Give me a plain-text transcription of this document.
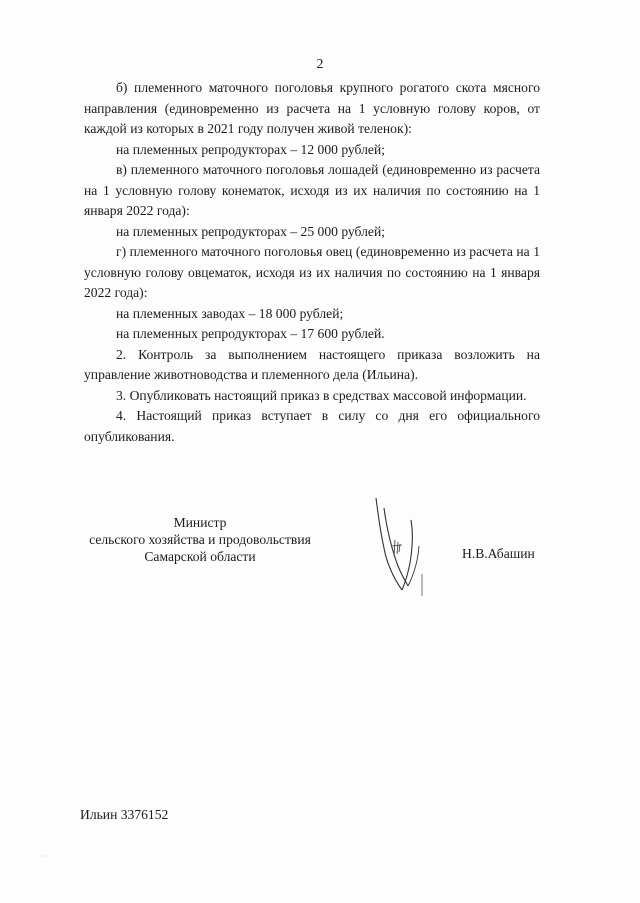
2

б) племенного маточного поголовья крупного рогатого скота мясного направления (единовременно из расчета на 1 условную голову коров, от каждой из которых в 2021 году получен живой теленок):

на племенных репродукторах – 12 000 рублей;

в) племенного маточного поголовья лошадей (единовременно из расчета на 1 условную голову конематок, исходя из их наличия по состоянию на 1 января 2022 года):

на племенных репродукторах – 25 000 рублей;

г) племенного маточного поголовья овец (единовременно из расчета на 1 условную голову овцематок, исходя из их наличия по состоянию на 1 января 2022 года):

на племенных заводах – 18 000 рублей;

на племенных репродукторах – 17 600 рублей.

2. Контроль за выполнением настоящего приказа возложить на управление животноводства и племенного дела (Ильина).

3. Опубликовать настоящий приказ в средствах массовой информации.

4. Настоящий приказ вступает в силу со дня его официального опубликования.

Министр
сельского хозяйства и продовольствия
Самарской области	Н.В.Абашин
Ильин 3376152
· ·
